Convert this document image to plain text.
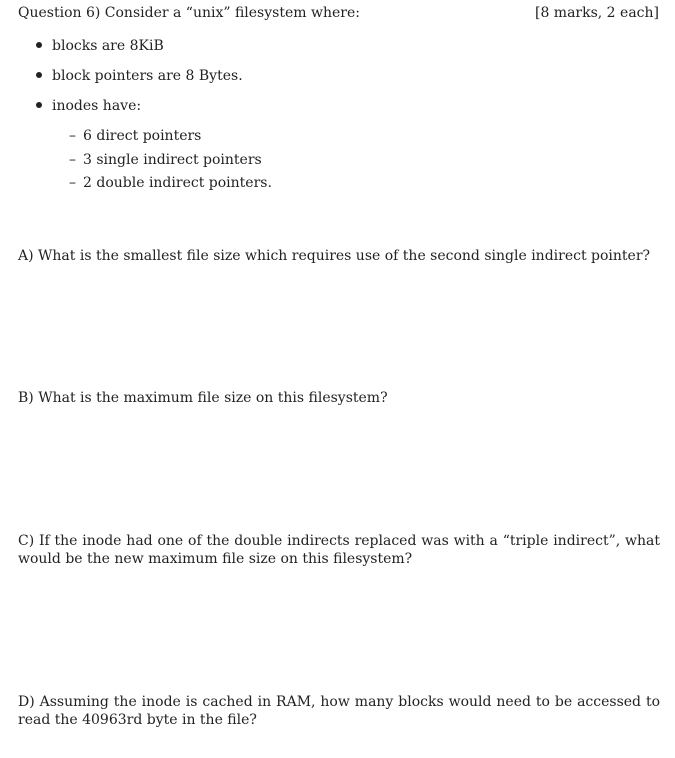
Question 6) Consider a “unix” filesystem where:	[8 marks, 2 each]
blocks are 8KiB
block pointers are 8 Bytes.
inodes have:
– 6 direct pointers
– 3 single indirect pointers
– 2 double indirect pointers.
A) What is the smallest file size which requires use of the second single indirect pointer?
B) What is the maximum file size on this filesystem?
C) If the inode had one of the double indirects replaced was with a “triple indirect”, what would be the new maximum file size on this filesystem?
D) Assuming the inode is cached in RAM, how many blocks would need to be accessed to read the 40963rd byte in the file?
